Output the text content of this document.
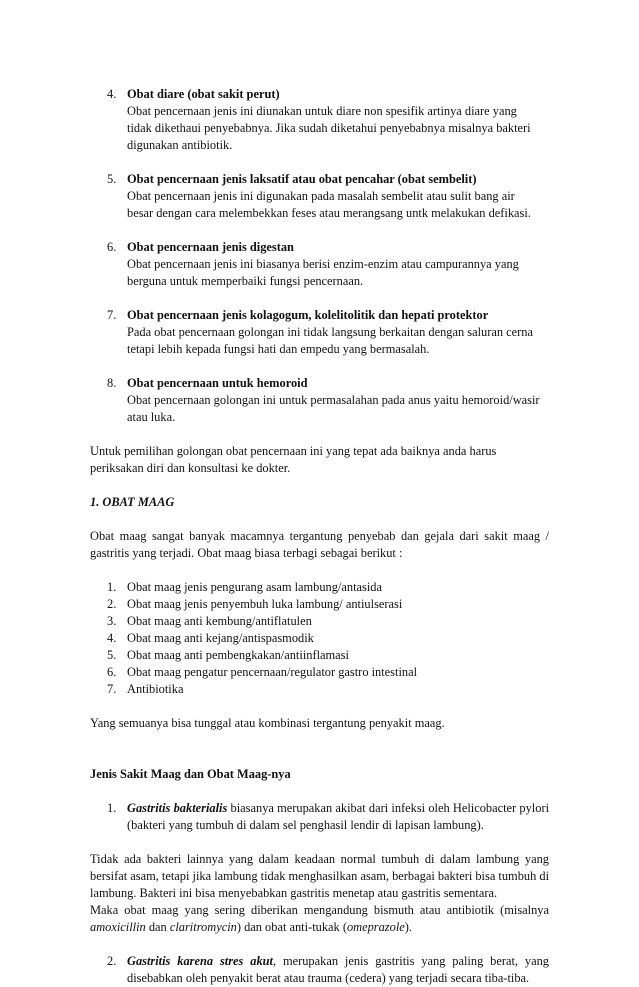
4. Obat diare (obat sakit perut)
Obat pencernaan jenis ini diunakan untuk diare non spesifik artinya diare yang
tidak dikethaui penyebabnya. Jika sudah diketahui penyebabnya misalnya bakteri
digunakan antibiotik.
5. Obat pencernaan jenis laksatif atau obat pencahar (obat sembelit)
Obat pencernaan jenis ini digunakan pada masalah sembelit atau sulit bang air
besar dengan cara melembekkan feses atau merangsang untk melakukan defikasi.
6. Obat pencernaan jenis digestan
Obat pencernaan jenis ini biasanya berisi enzim-enzim atau campurannya yang
berguna untuk memperbaiki fungsi pencernaan.
7. Obat pencernaan jenis kolagogum, kolelitolitik dan hepati protektor
Pada obat pencernaan golongan ini tidak langsung berkaitan dengan saluran cerna
tetapi lebih kepada fungsi hati dan empedu yang bermasalah.
8. Obat pencernaan untuk hemoroid
Obat pencernaan golongan ini untuk permasalahan pada anus yaitu hemoroid/wasir
atau luka.

Untuk pemilihan golongan obat pencernaan ini yang tepat ada baiknya anda harus
periksakan diri dan konsultasi ke dokter.

1. OBAT MAAG

Obat maag sangat banyak macamnya tergantung penyebab dan gejala dari sakit maag / gastritis yang terjadi. Obat maag biasa terbagi sebagai berikut :

1. Obat maag jenis pengurang asam lambung/antasida
2. Obat maag jenis penyembuh luka lambung/ antiulserasi
3. Obat maag anti kembung/antiflatulen
4. Obat maag anti kejang/antispasmodik
5. Obat maag anti pembengkakan/antiinflamasi
6. Obat maag pengatur pencernaan/regulator gastro intestinal
7. Antibiotika

Yang semuanya bisa tunggal atau kombinasi tergantung penyakit maag.

Jenis Sakit Maag dan Obat Maag-nya
1. Gastritis bakterialis biasanya merupakan akibat dari infeksi oleh Helicobacter pylori (bakteri yang tumbuh di dalam sel penghasil lendir di lapisan lambung).

Tidak ada bakteri lainnya yang dalam keadaan normal tumbuh di dalam lambung yang bersifat asam, tetapi jika lambung tidak menghasilkan asam, berbagai bakteri bisa tumbuh di lambung. Bakteri ini bisa menyebabkan gastritis menetap atau gastritis sementara.

Maka obat maag yang sering diberikan mengandung bismuth atau antibiotik (misalnya amoxicillin dan claritromycin) dan obat anti-tukak (omeprazole).

2. Gastritis karena stres akut, merupakan jenis gastritis yang paling berat, yang disebabkan oleh penyakit berat atau trauma (cedera) yang terjadi secara tiba-tiba.
